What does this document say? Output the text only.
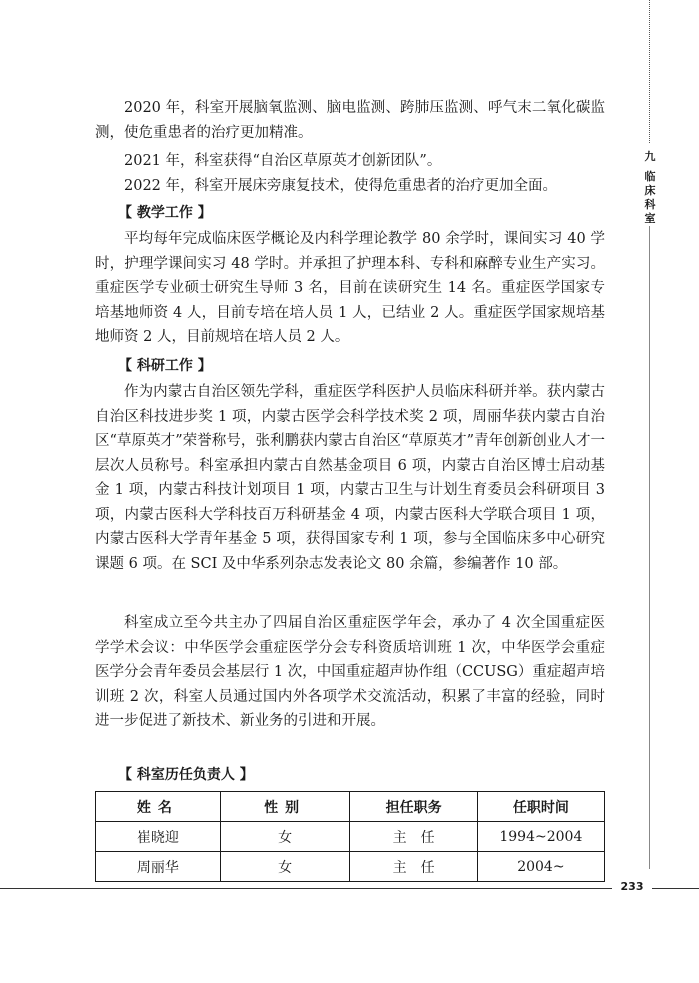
九
临床科室

2020 年，科室开展脑氧监测、脑电监测、跨肺压监测、呼气末二氧化碳监测，使危重患者的治疗更加精准。

2021 年，科室获得“自治区草原英才创新团队”。

2022 年，科室开展床旁康复技术，使得危重患者的治疗更加全面。

【 教学工作 】

平均每年完成临床医学概论及内科学理论教学 80 余学时，课间实习 40 学时，护理学课间实习 48 学时。并承担了护理本科、专科和麻醉专业生产实习。重症医学专业硕士研究生导师 3 名，目前在读研究生 14 名。重症医学国家专培基地师资 4 人，目前专培在培人员 1 人，已结业 2 人。重症医学国家规培基地师资 2 人，目前规培在培人员 2 人。

【 科研工作 】

作为内蒙古自治区领先学科，重症医学科医护人员临床科研并举。获内蒙古自治区科技进步奖 1 项，内蒙古医学会科学技术奖 2 项，周丽华获内蒙古自治区“草原英才”荣誉称号，张利鹏获内蒙古自治区“草原英才”青年创新创业人才一层次人员称号。科室承担内蒙古自然基金项目 6 项，内蒙古自治区博士启动基金 1 项，内蒙古科技计划项目 1 项，内蒙古卫生与计划生育委员会科研项目 3 项，内蒙古医科大学科技百万科研基金 4 项，内蒙古医科大学联合项目 1 项，内蒙古医科大学青年基金 5 项，获得国家专利 1 项，参与全国临床多中心研究课题 6 项。在 SCI 及中华系列杂志发表论文 80 余篇，参编著作 10 部。

科室成立至今共主办了四届自治区重症医学年会，承办了 4 次全国重症医学学术会议：中华医学会重症医学分会专科资质培训班 1 次，中华医学会重症医学分会青年委员会基层行 1 次，中国重症超声协作组（CCUSG）重症超声培训班 2 次，科室人员通过国内外各项学术交流活动，积累了丰富的经验，同时进一步促进了新技术、新业务的引进和开展。

【 科室历任负责人 】

姓名	性别	担任职务	任职时间
崔晓迎	女	主　任	1994~2004
周丽华	女	主　任	2004~
233
